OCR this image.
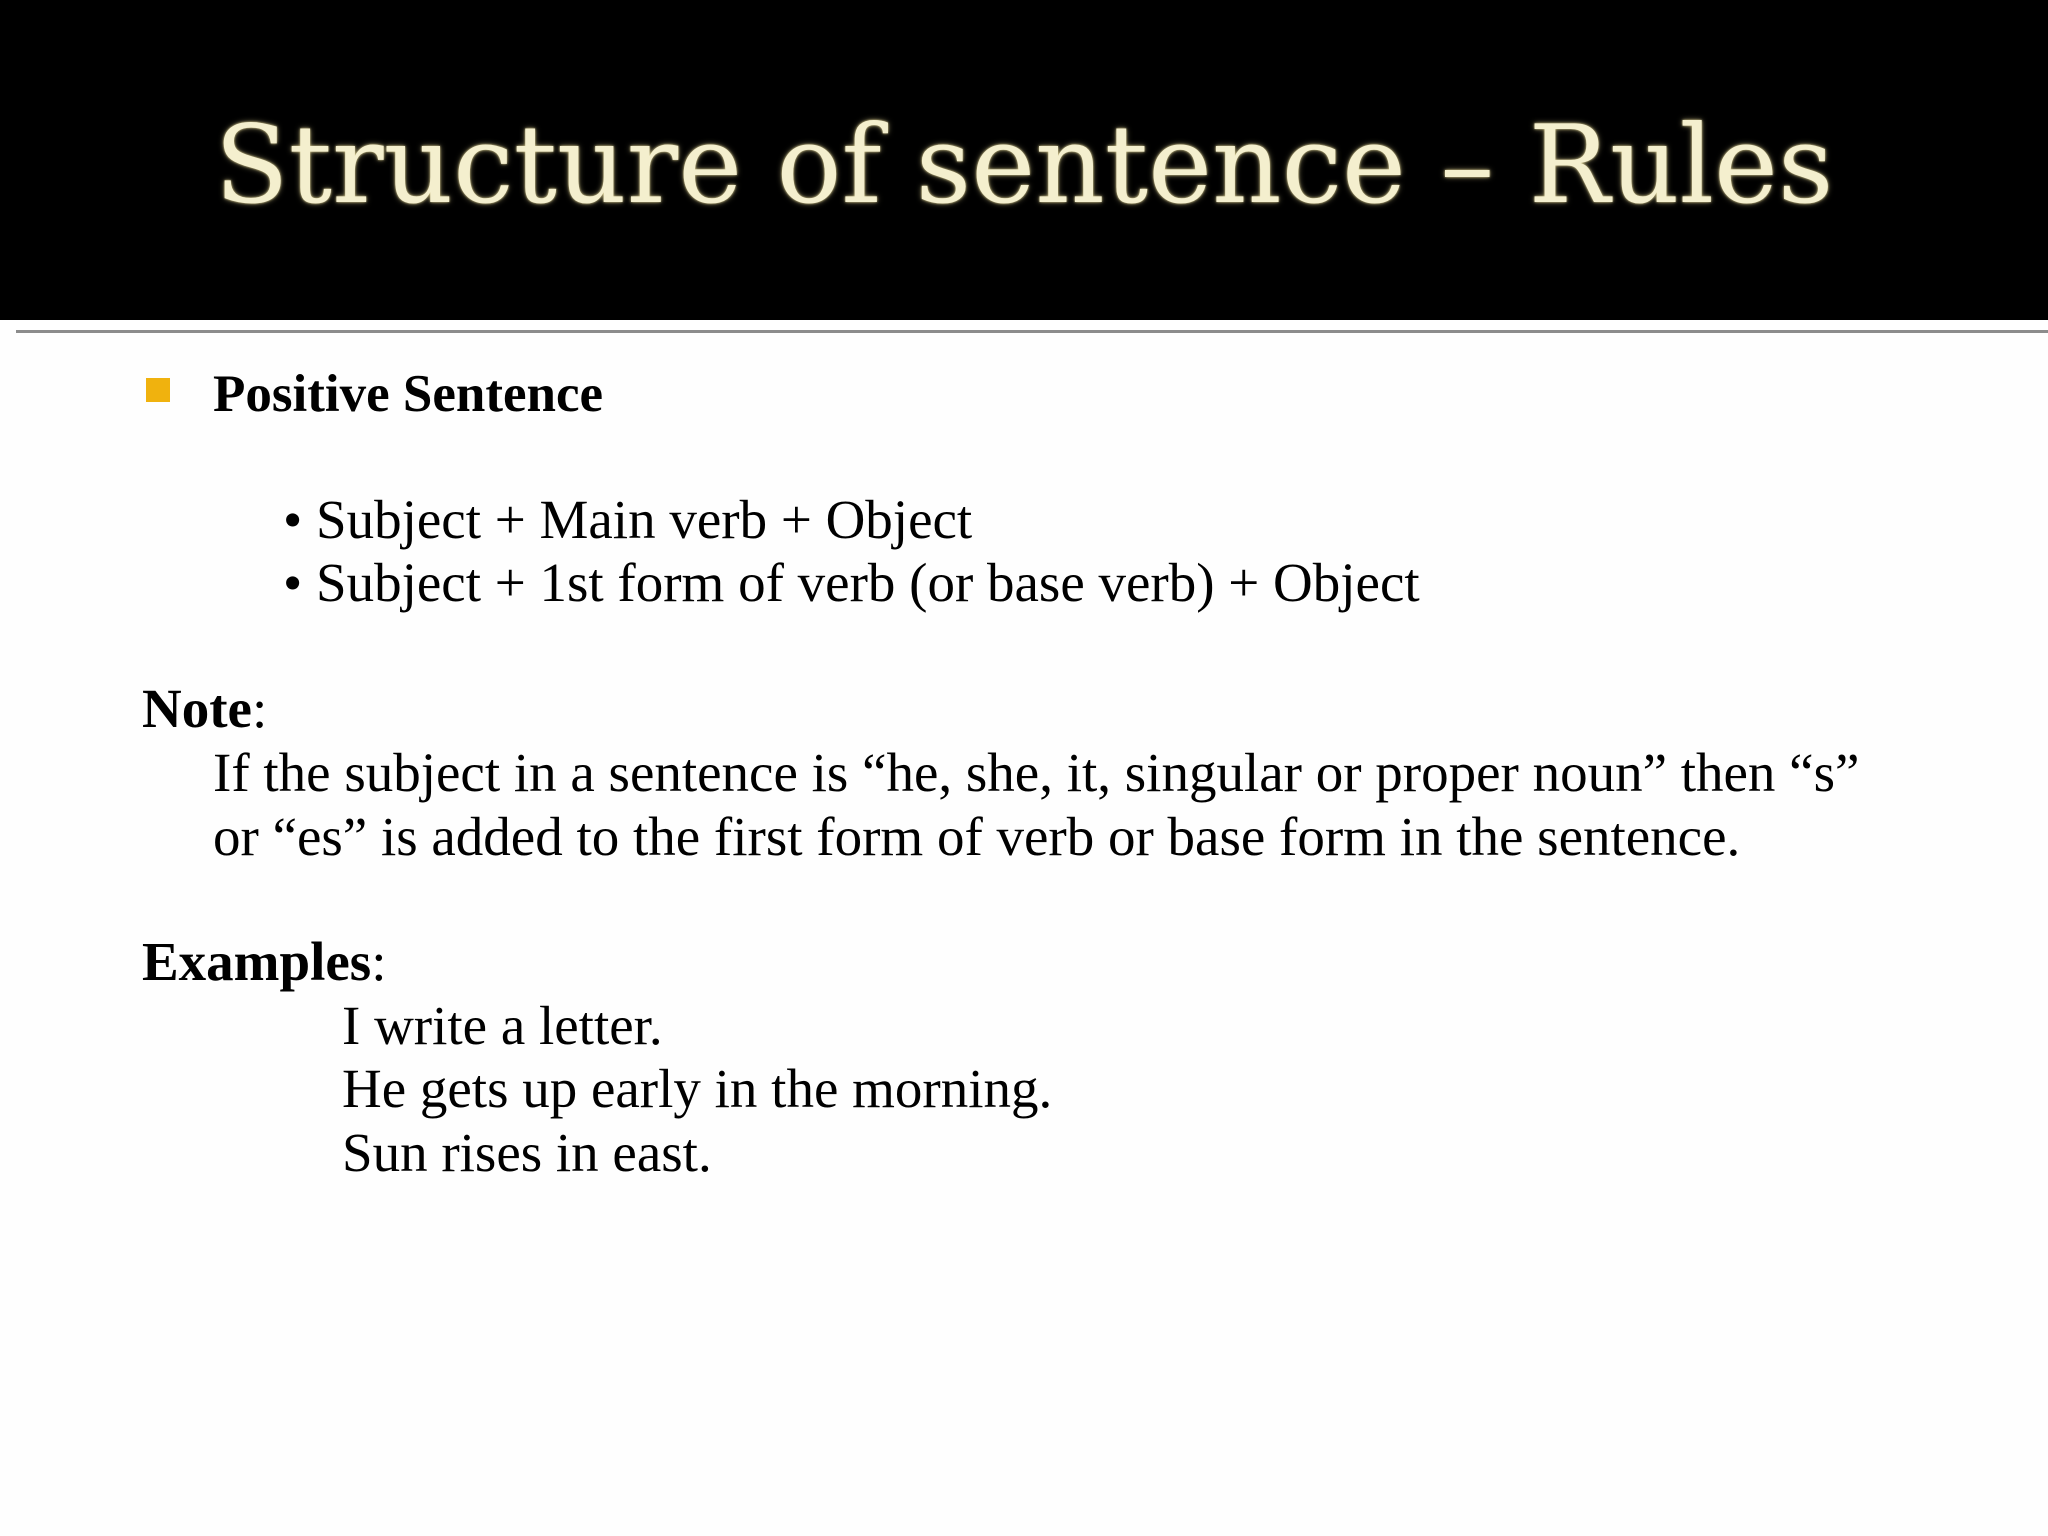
Structure of sentence – Rules
Positive Sentence
• Subject + Main verb + Object
• Subject + 1st form of verb (or base verb) + Object
Note:
If the subject in a sentence is “he, she, it, singular or proper noun” then “s”
or “es” is added to the first form of verb or base form in the sentence.
Examples:
I write a letter.
He gets up early in the morning.
Sun rises in east.
